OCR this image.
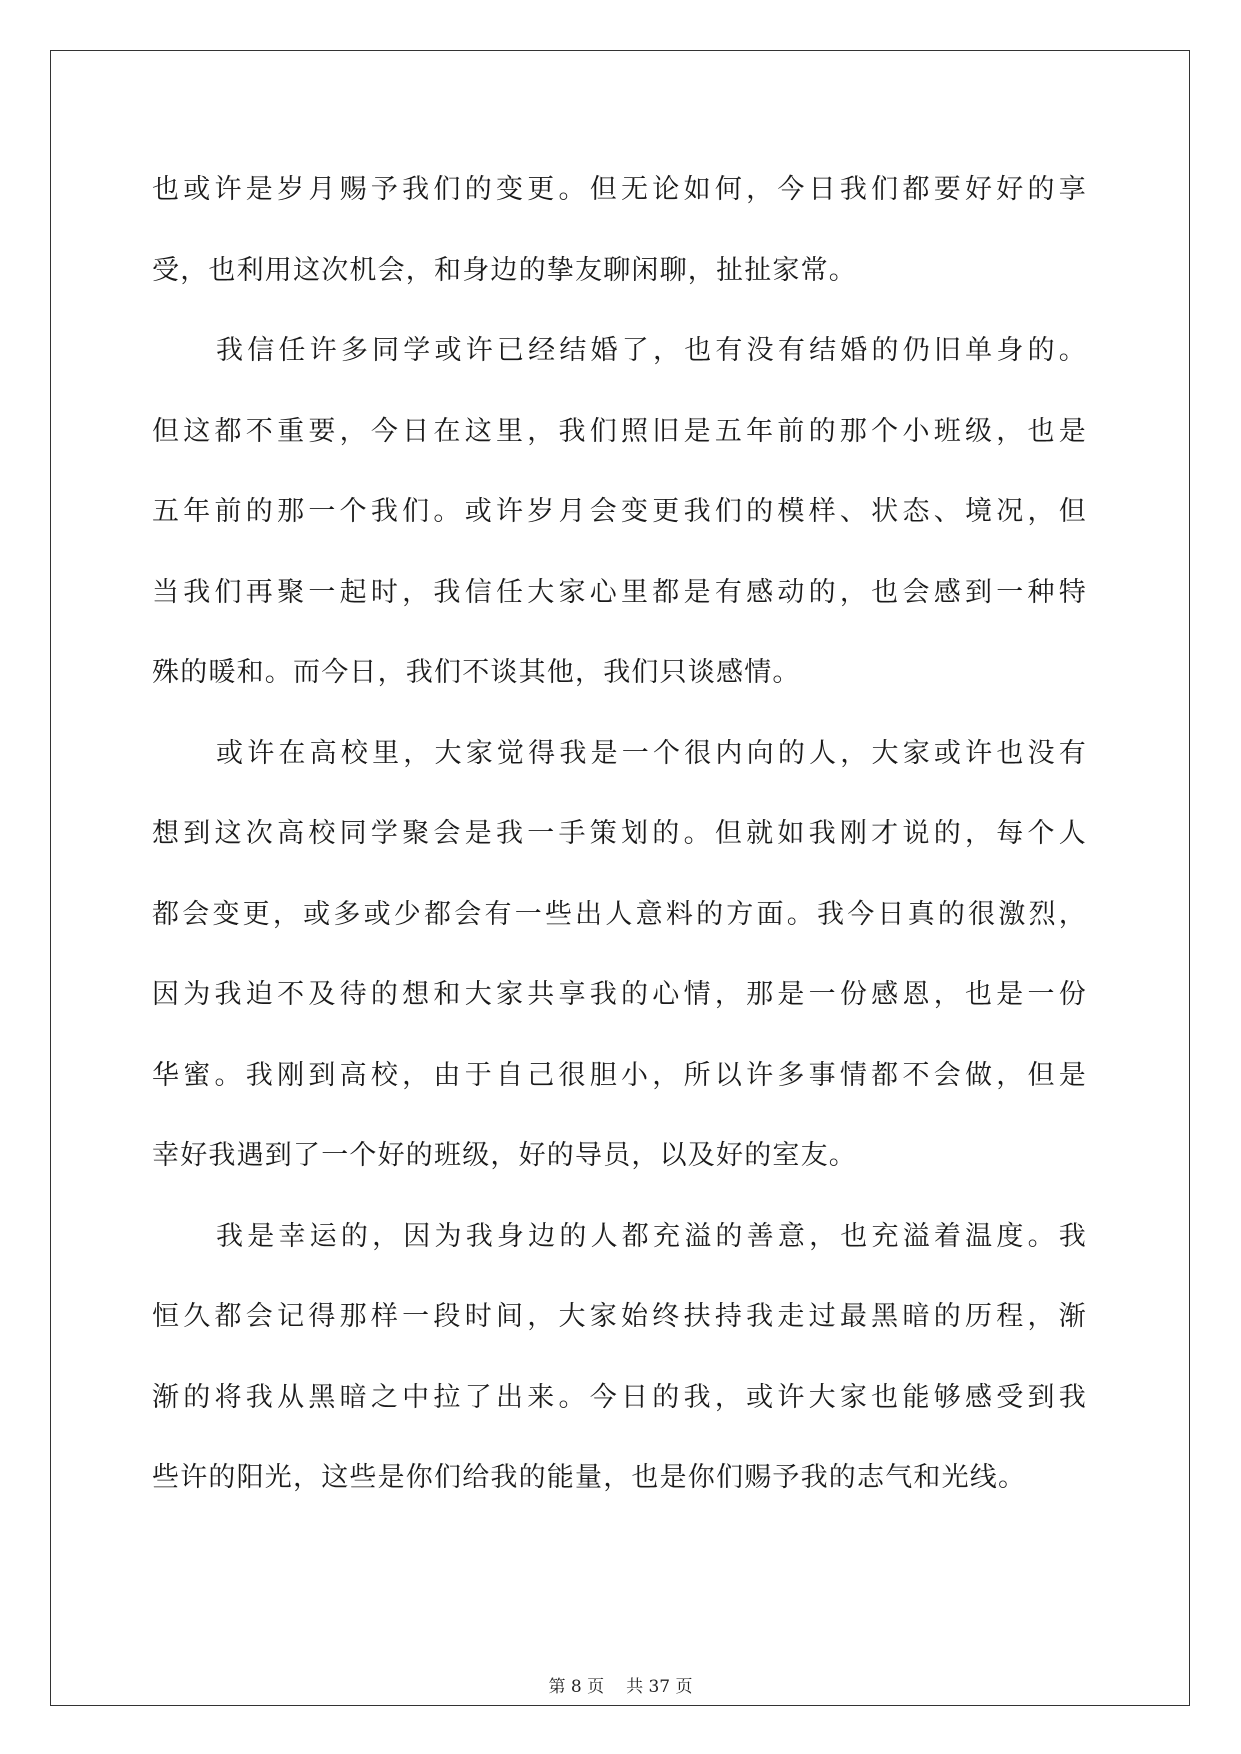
也或许是岁月赐予我们的变更。但无论如何，今日我们都要好好的享
受，也利用这次机会，和身边的挚友聊闲聊，扯扯家常。
我信任许多同学或许已经结婚了，也有没有结婚的仍旧单身的。
但这都不重要，今日在这里，我们照旧是五年前的那个小班级，也是
五年前的那一个我们。或许岁月会变更我们的模样、状态、境况，但
当我们再聚一起时，我信任大家心里都是有感动的，也会感到一种特
殊的暖和。而今日，我们不谈其他，我们只谈感情。
或许在高校里，大家觉得我是一个很内向的人，大家或许也没有
想到这次高校同学聚会是我一手策划的。但就如我刚才说的，每个人
都会变更，或多或少都会有一些出人意料的方面。我今日真的很激烈，
因为我迫不及待的想和大家共享我的心情，那是一份感恩，也是一份
华蜜。我刚到高校，由于自己很胆小，所以许多事情都不会做，但是
幸好我遇到了一个好的班级，好的导员，以及好的室友。
我是幸运的，因为我身边的人都充溢的善意，也充溢着温度。我
恒久都会记得那样一段时间，大家始终扶持我走过最黑暗的历程，渐
渐的将我从黑暗之中拉了出来。今日的我，或许大家也能够感受到我
些许的阳光，这些是你们给我的能量，也是你们赐予我的志气和光线。
第 8 页 共 37 页
